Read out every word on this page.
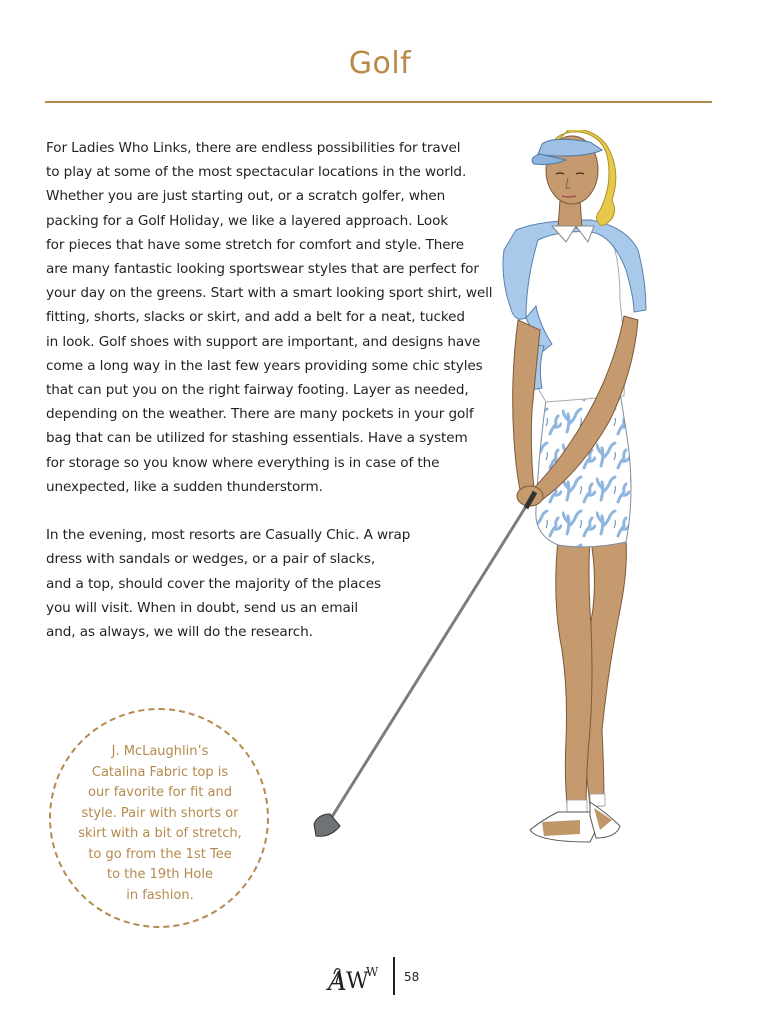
Golf
For Ladies Who Links, there are endless possibilities for travel
to play at some of the most spectacular locations in the world.
Whether you are just starting out, or a scratch golfer, when
packing for a Golf Holiday, we like a layered approach. Look
for pieces that have some stretch for comfort and style. There
are many fantastic looking sportswear styles that are perfect for
your day on the greens. Start with a smart looking sport shirt, well
fitting, shorts, slacks or skirt, and add a belt for a neat, tucked
in look. Golf shoes with support are important, and designs have
come a long way in the last few years providing some chic styles
that can put you on the right fairway footing. Layer as needed,
depending on the weather. There are many pockets in your golf
bag that can be utilized for stashing essentials. Have a system
for storage so you know where everything is in case of the
unexpected, like a sudden thunderstorm.
In the evening, most resorts are Casually Chic. A wrap
dress with sandals or wedges, or a pair of slacks,
and a top, should cover the majority of the places
you will visit. When in doubt, send us an email
and, as always, we will do the research.
J. McLaughlin’s
Catalina Fabric top is
our favorite for fit and
style. Pair with shorts or
skirt with a bit of stretch,
to go from the 1st Tee
to the 19th Hole
in fashion.
A W
W 58
